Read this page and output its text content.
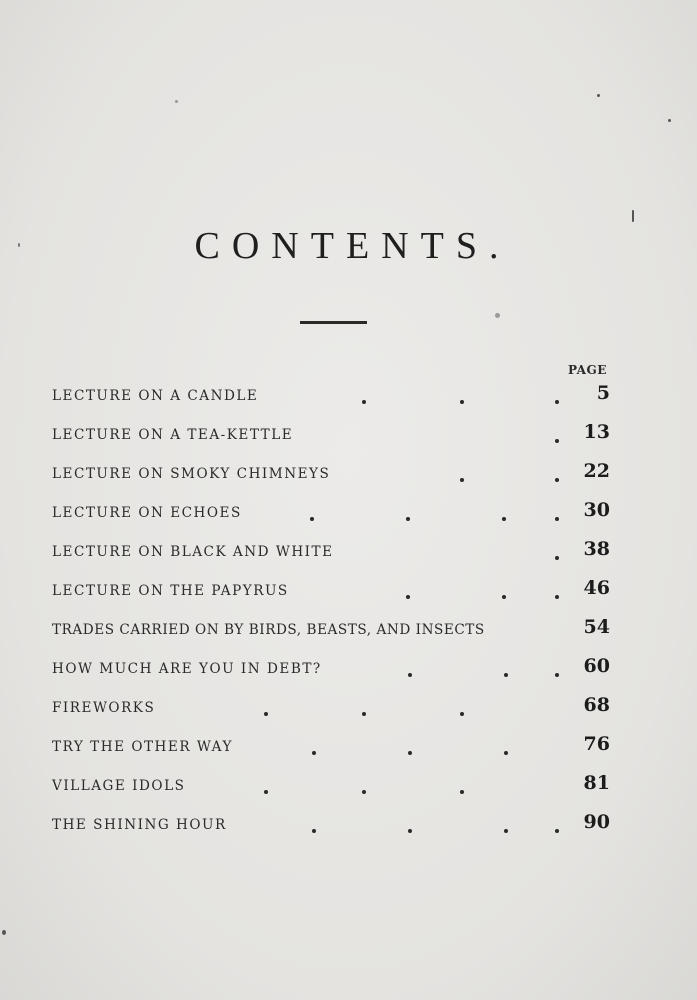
CONTENTS.
PAGE
LECTURE ON A CANDLE	5
LECTURE ON A TEA-KETTLE	13
LECTURE ON SMOKY CHIMNEYS	22
LECTURE ON ECHOES	30
LECTURE ON BLACK AND WHITE	38
LECTURE ON THE PAPYRUS	46
TRADES CARRIED ON BY BIRDS, BEASTS, AND INSECTS	54
HOW MUCH ARE YOU IN DEBT?	60
FIREWORKS	68
TRY THE OTHER WAY	76
VILLAGE IDOLS	81
THE SHINING HOUR	90
